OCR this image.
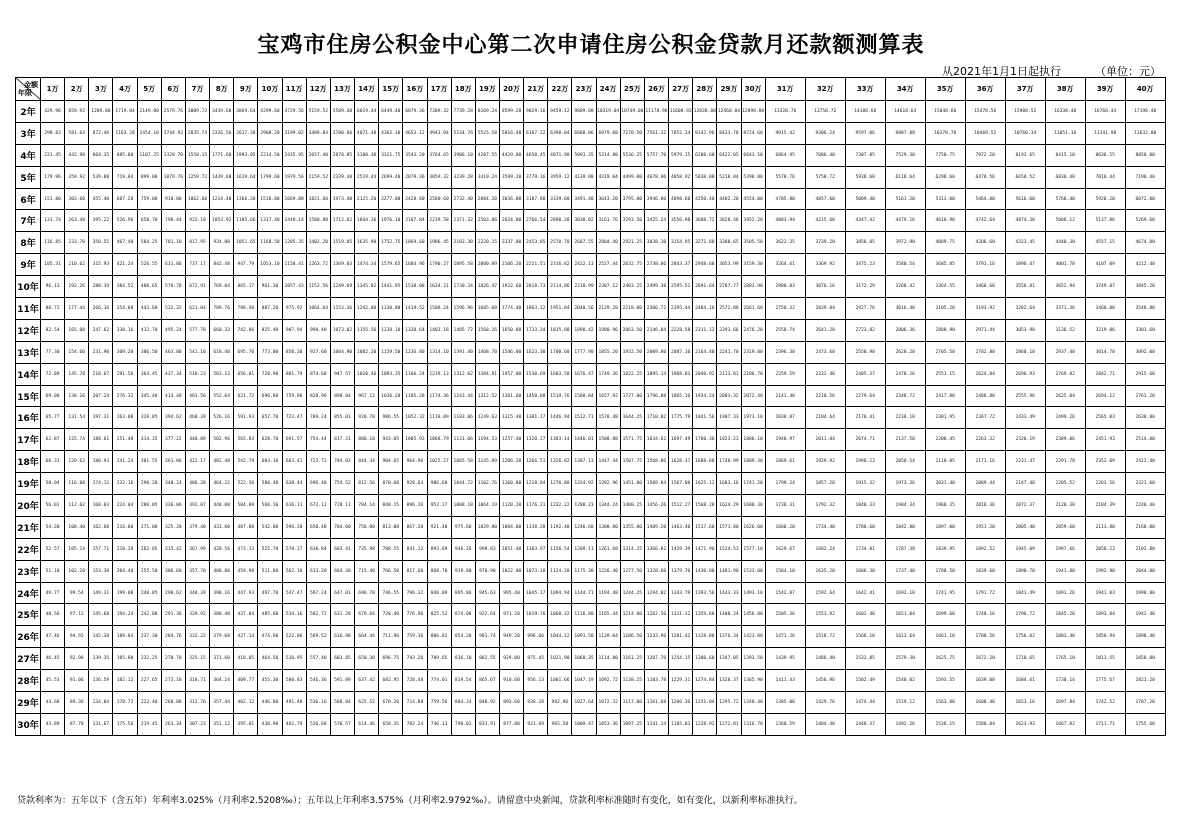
宝鸡市住房公积金中心第二次申请住房公积金贷款月还款额测算表
从2021年1月1日起执行	（单位：元）
金额
年限	1万	2万	3万	4万	5万	6万	7万	8万	9万	10万	11万	12万	13万	14万	15万	16万	17万	18万	19万	20万	21万	22万	23万	24万	25万	26万	27万	28万	29万	30万	31万	32万	33万	34万	35万	36万	37万	38万	39万	40万
2年	429.96	859.92	1289.88	1719.84	2149.80	2579.76	3009.72	3439.68	3869.64	4299.60	4729.56	5159.52	5589.48	6019.44	6449.40	6879.36	7309.32	7739.28	8169.24	8599.20	9029.16	9459.12	9889.08	10319.04	10749.00	11178.96	11608.92	12038.88	12468.84	12898.80	13328.76	13758.72	14188.68	14618.64	15048.60	15478.56	15908.52	16338.48	16768.44	17198.40
3年	290.82	581.64	872.46	1163.28	1454.10	1744.92	2035.74	2326.56	2617.38	2908.20	3199.02	3489.84	3780.66	4071.48	4362.30	4653.12	4943.94	5234.76	5525.58	5816.40	6107.22	6398.04	6688.86	6979.68	7270.50	7561.32	7852.14	8142.96	8433.78	8724.60	9015.42	9306.24	9597.06	9887.88	10178.70	10469.52	10760.34	11051.16	11341.98	11632.80
4年	221.45	442.90	664.35	885.80	1107.25	1328.70	1550.15	1771.60	1993.05	2214.50	2435.95	2657.40	2878.85	3100.30	3321.75	3543.20	3764.65	3986.10	4207.55	4429.00	4650.45	4871.90	5093.35	5314.80	5536.25	5757.70	5979.15	6200.60	6422.05	6643.50	6864.95	7086.40	7307.85	7529.30	7750.75	7972.20	8193.65	8415.10	8636.55	8858.00
5年	179.96	359.92	539.88	719.84	899.80	1079.76	1259.72	1439.68	1619.64	1799.60	1979.56	2159.52	2339.48	2519.44	2699.40	2879.36	3059.32	3239.28	3419.24	3599.20	3779.16	3959.12	4139.08	4319.04	4499.00	4678.96	4858.92	5038.88	5218.84	5398.80	5578.76	5758.72	5938.68	6118.64	6298.60	6478.56	6658.52	6838.48	7018.44	7198.40
6年	151.80	303.60	455.40	607.20	759.00	910.80	1062.60	1214.40	1366.20	1518.00	1669.80	1821.60	1973.40	2125.20	2277.00	2428.80	2580.60	2732.40	2884.20	3036.00	3187.80	3339.60	3491.40	3643.20	3795.00	3946.80	4098.60	4250.40	4402.20	4554.00	4705.80	4857.60	5009.40	5161.20	5313.00	5464.80	5616.60	5768.40	5920.20	6072.00
7年	131.74	263.48	395.22	526.96	658.70	790.44	922.18	1053.92	1185.66	1317.40	1449.14	1580.88	1712.62	1844.36	1976.10	2107.84	2239.58	2371.32	2503.06	2634.80	2766.54	2898.28	3030.02	3161.76	3293.50	3425.24	3556.98	3688.72	3820.46	3952.20	4083.94	4215.68	4347.42	4479.16	4610.90	4742.64	4874.38	5006.12	5137.86	5269.60
8年	116.85	233.70	350.55	467.40	584.25	701.10	817.95	934.80	1051.65	1168.50	1285.35	1402.20	1519.05	1635.90	1752.75	1869.60	1986.45	2103.30	2220.15	2337.00	2453.85	2570.70	2687.55	2804.40	2921.25	3038.10	3154.95	3271.80	3388.65	3505.50	3622.35	3739.20	3856.05	3972.90	4089.75	4206.60	4323.45	4440.30	4557.15	4674.00
9年	105.31	210.62	315.93	421.24	526.55	631.86	737.17	842.48	947.79	1053.10	1158.41	1263.72	1369.03	1474.34	1579.65	1684.96	1790.27	1895.58	2000.89	2106.20	2211.51	2316.82	2422.13	2527.44	2632.75	2738.06	2843.37	2948.68	3053.99	3159.30	3264.61	3369.92	3475.23	3580.54	3685.85	3791.16	3896.47	4001.78	4107.09	4212.40
10年	96.13	192.26	288.39	384.52	480.65	576.78	672.91	769.04	865.17	961.30	1057.43	1153.56	1249.69	1345.82	1441.95	1538.08	1634.21	1730.34	1826.47	1922.60	2018.73	2114.86	2210.99	2307.12	2403.25	2499.38	2595.51	2691.64	2787.77	2883.90	2980.03	3076.16	3172.29	3268.42	3364.55	3460.68	3556.81	3652.94	3749.07	3845.20
11年	88.72	177.44	266.16	354.88	443.60	532.32	621.04	709.76	798.48	887.20	975.92	1064.64	1153.36	1242.08	1330.80	1419.52	1508.24	1596.96	1685.68	1774.40	1863.12	1951.84	2040.56	2129.28	2218.00	2306.72	2395.44	2484.16	2572.88	2661.60	2750.32	2839.04	2927.76	3016.48	3105.20	3193.92	3282.64	3371.36	3460.08	3548.80
12年	82.54	165.08	247.62	330.16	412.70	495.24	577.78	660.32	742.86	825.40	907.94	990.48	1073.02	1155.56	1238.10	1320.64	1403.18	1485.72	1568.26	1650.80	1733.34	1815.88	1898.42	1980.96	2063.50	2146.04	2228.58	2311.12	2393.66	2476.20	2558.74	2641.28	2723.82	2806.36	2888.90	2971.44	3053.98	3136.52	3219.06	3301.60
13年	77.30	154.60	231.90	309.20	386.50	463.80	541.10	618.40	695.70	773.00	850.30	927.60	1004.90	1082.20	1159.50	1236.80	1314.10	1391.40	1468.70	1546.00	1623.30	1700.60	1777.90	1855.20	1932.50	2009.80	2087.10	2164.40	2241.70	2319.00	2396.30	2473.60	2550.90	2628.20	2705.50	2782.80	2860.10	2937.40	3014.70	3092.00
14年	72.89	145.78	218.67	291.56	364.45	437.34	510.23	583.12	656.01	728.90	801.79	874.68	947.57	1020.46	1093.35	1166.24	1239.13	1312.02	1384.91	1457.80	1530.69	1603.58	1676.47	1749.36	1822.25	1895.14	1968.03	2040.92	2113.81	2186.70	2259.59	2332.48	2405.37	2478.26	2551.15	2624.04	2696.93	2769.82	2842.71	2915.60
15年	69.08	138.16	207.24	276.32	345.40	414.48	483.56	552.64	621.72	690.80	759.88	828.96	898.04	967.12	1036.20	1105.28	1174.36	1243.44	1312.52	1381.60	1450.68	1519.76	1588.84	1657.92	1727.00	1796.08	1865.16	1934.24	2003.32	2072.40	2141.48	2210.56	2279.64	2348.72	2417.80	2486.88	2555.96	2625.04	2694.12	2763.20
16年	65.77	131.54	197.31	263.08	328.85	394.62	460.39	526.16	591.93	657.70	723.47	789.24	855.01	920.78	986.55	1052.32	1118.09	1183.86	1249.63	1315.40	1381.17	1446.94	1512.71	1578.48	1644.25	1710.02	1775.79	1841.56	1907.33	1973.10	2038.87	2104.64	2170.41	2236.18	2301.95	2367.72	2433.49	2499.26	2565.03	2630.80
17年	62.87	125.74	188.61	251.48	314.35	377.22	440.09	502.96	565.83	628.70	691.57	754.44	817.31	880.18	943.05	1005.92	1068.79	1131.66	1194.53	1257.40	1320.27	1383.14	1446.01	1508.88	1571.75	1634.62	1697.49	1760.36	1823.23	1886.10	1948.97	2011.84	2074.71	2137.58	2200.45	2263.32	2326.19	2389.06	2451.93	2514.80
18年	60.31	120.62	180.93	241.24	301.55	361.86	422.17	482.48	542.79	603.10	663.41	723.72	784.03	844.34	904.65	964.96	1025.27	1085.58	1145.89	1206.20	1266.51	1326.82	1387.13	1447.44	1507.75	1568.06	1628.37	1688.68	1748.99	1809.30	1869.61	1929.92	1990.23	2050.54	2110.85	2171.16	2231.47	2291.78	2352.09	2412.40
19年	58.04	116.08	174.12	232.16	290.20	348.24	406.28	464.32	522.36	580.40	638.44	696.48	754.52	812.56	870.60	928.64	986.68	1044.72	1102.76	1160.80	1218.84	1276.88	1334.92	1392.96	1451.00	1509.04	1567.08	1625.12	1683.16	1741.20	1799.24	1857.28	1915.32	1973.36	2031.40	2089.44	2147.48	2205.52	2263.56	2321.60
20年	56.01	112.02	168.03	224.04	280.05	336.06	392.07	448.08	504.09	560.10	616.11	672.12	728.13	784.14	840.15	896.16	952.17	1008.18	1064.19	1120.20	1176.21	1232.22	1288.23	1344.24	1400.25	1456.26	1512.27	1568.28	1624.29	1680.30	1736.31	1792.32	1848.33	1904.34	1960.35	2016.36	2072.37	2128.38	2184.39	2240.40
21年	54.20	108.40	162.60	216.80	271.00	325.20	379.40	433.60	487.80	542.00	596.20	650.40	704.60	758.80	813.00	867.20	921.40	975.60	1029.80	1084.00	1138.20	1192.40	1246.60	1300.80	1355.00	1409.20	1463.40	1517.60	1571.80	1626.00	1680.20	1734.40	1788.60	1842.80	1897.00	1951.20	2005.40	2059.60	2113.80	2168.00
22年	52.57	105.14	157.71	210.28	262.85	315.42	367.99	420.56	473.13	525.70	578.27	630.84	683.41	735.98	788.55	841.12	893.69	946.26	998.83	1051.40	1103.97	1156.54	1209.11	1261.68	1314.25	1366.82	1419.39	1471.96	1524.53	1577.10	1629.67	1682.24	1734.81	1787.38	1839.95	1892.52	1945.09	1997.66	2050.23	2102.80
23年	51.10	102.20	153.30	204.40	255.50	306.60	357.70	408.80	459.90	511.00	562.10	613.20	664.30	715.40	766.50	817.60	868.70	919.80	970.90	1022.00	1073.10	1124.20	1175.30	1226.40	1277.50	1328.60	1379.70	1430.80	1481.90	1533.00	1584.10	1635.20	1686.30	1737.40	1788.50	1839.60	1890.70	1941.80	1992.90	2044.00
24年	49.77	99.54	149.31	199.08	248.85	298.62	348.39	398.16	447.93	497.70	547.47	597.24	647.01	696.78	746.55	796.32	846.09	895.86	945.63	995.40	1045.17	1094.94	1144.71	1194.48	1244.25	1294.02	1343.79	1393.56	1443.33	1493.10	1542.87	1592.64	1642.41	1692.18	1741.95	1791.72	1841.49	1891.26	1941.03	1990.80
25年	48.56	97.12	145.68	194.24	242.80	291.36	339.92	388.48	437.04	485.60	534.16	582.72	631.28	679.84	728.40	776.96	825.52	874.08	922.64	971.20	1019.76	1068.32	1116.88	1165.44	1214.00	1262.56	1311.12	1359.68	1408.24	1456.80	1505.36	1553.92	1602.48	1651.04	1699.60	1748.16	1796.72	1845.28	1893.84	1942.40
26年	47.46	94.92	142.38	189.84	237.30	284.76	332.22	379.68	427.14	474.60	522.06	569.52	616.98	664.44	711.90	759.36	806.82	854.28	901.74	949.20	996.66	1044.12	1091.58	1139.04	1186.50	1233.96	1281.42	1328.88	1376.34	1423.80	1471.26	1518.72	1566.18	1613.64	1661.10	1708.56	1756.02	1803.48	1850.94	1898.40
27年	46.45	92.90	139.35	185.80	232.25	278.70	325.15	371.60	418.05	464.50	510.95	557.40	603.85	650.30	696.75	743.20	789.65	836.10	882.55	929.00	975.45	1021.90	1068.35	1114.80	1161.25	1207.70	1254.15	1300.60	1347.05	1393.50	1439.95	1486.40	1532.85	1579.30	1625.75	1672.20	1718.65	1765.10	1811.55	1858.00
28年	45.53	91.06	136.59	182.12	227.65	273.18	318.71	364.24	409.77	455.30	500.83	546.36	591.89	637.42	682.95	728.48	774.01	819.54	865.07	910.60	956.13	1001.66	1047.19	1092.72	1138.25	1183.78	1229.31	1274.84	1320.37	1365.90	1411.43	1456.96	1502.49	1548.02	1593.55	1639.08	1684.61	1730.14	1775.67	1821.20
29年	44.68	89.36	134.04	178.72	223.40	268.08	312.76	357.44	402.12	446.80	491.48	536.16	580.84	625.52	670.20	714.88	759.56	804.24	848.92	893.60	938.28	982.96	1027.64	1072.32	1117.00	1161.68	1206.36	1251.04	1295.72	1340.40	1385.08	1429.76	1474.44	1519.12	1563.80	1608.48	1653.16	1697.84	1742.52	1787.20
30年	43.89	87.78	131.67	175.56	219.45	263.34	307.23	351.12	395.01	438.90	482.79	526.68	570.57	614.46	658.35	702.24	746.13	790.02	833.91	877.80	921.69	965.58	1009.47	1053.36	1097.25	1141.14	1185.03	1228.92	1272.81	1316.70	1360.59	1404.48	1448.37	1492.26	1536.15	1580.04	1623.93	1667.82	1711.71	1755.60
贷款利率为：五年以下（含五年）年利率3.025%（月利率2.5208‰）；五年以上年利率3.575%（月利率2.9792‰）。请留意中央新闻，贷款利率标准随时有变化，如有变化，以新利率标准执行。
